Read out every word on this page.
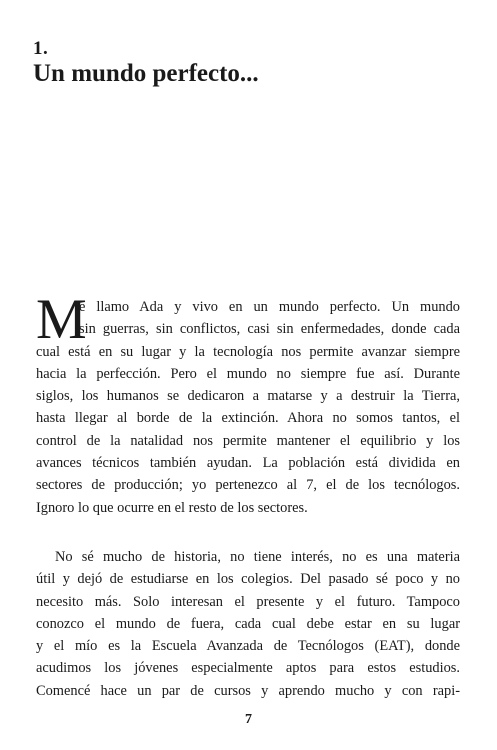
1.
Un mundo perfecto...
M
e llamo Ada y vivo en un mundo perfecto. Un mundo
sin guerras, sin conflictos, casi sin enfermedades, donde cada
cual está en su lugar y la tecnología nos permite avanzar siempre
hacia la perfección. Pero el mundo no siempre fue así. Durante
siglos, los humanos se dedicaron a matarse y a destruir la Tierra,
hasta llegar al borde de la extinción. Ahora no somos tantos, el
control de la natalidad nos permite mantener el equilibrio y los
avances técnicos también ayudan. La población está dividida en
sectores de producción; yo pertenezco al 7, el de los tecnólogos.
Ignoro lo que ocurre en el resto de los sectores.
No sé mucho de historia, no tiene interés, no es una materia
útil y dejó de estudiarse en los colegios. Del pasado sé poco y no
necesito más. Solo interesan el presente y el futuro. Tampoco
conozco el mundo de fuera, cada cual debe estar en su lugar
y el mío es la Escuela Avanzada de Tecnólogos (EAT), donde
acudimos los jóvenes especialmente aptos para estos estudios.
Comencé hace un par de cursos y aprendo mucho y con rapi-
7
